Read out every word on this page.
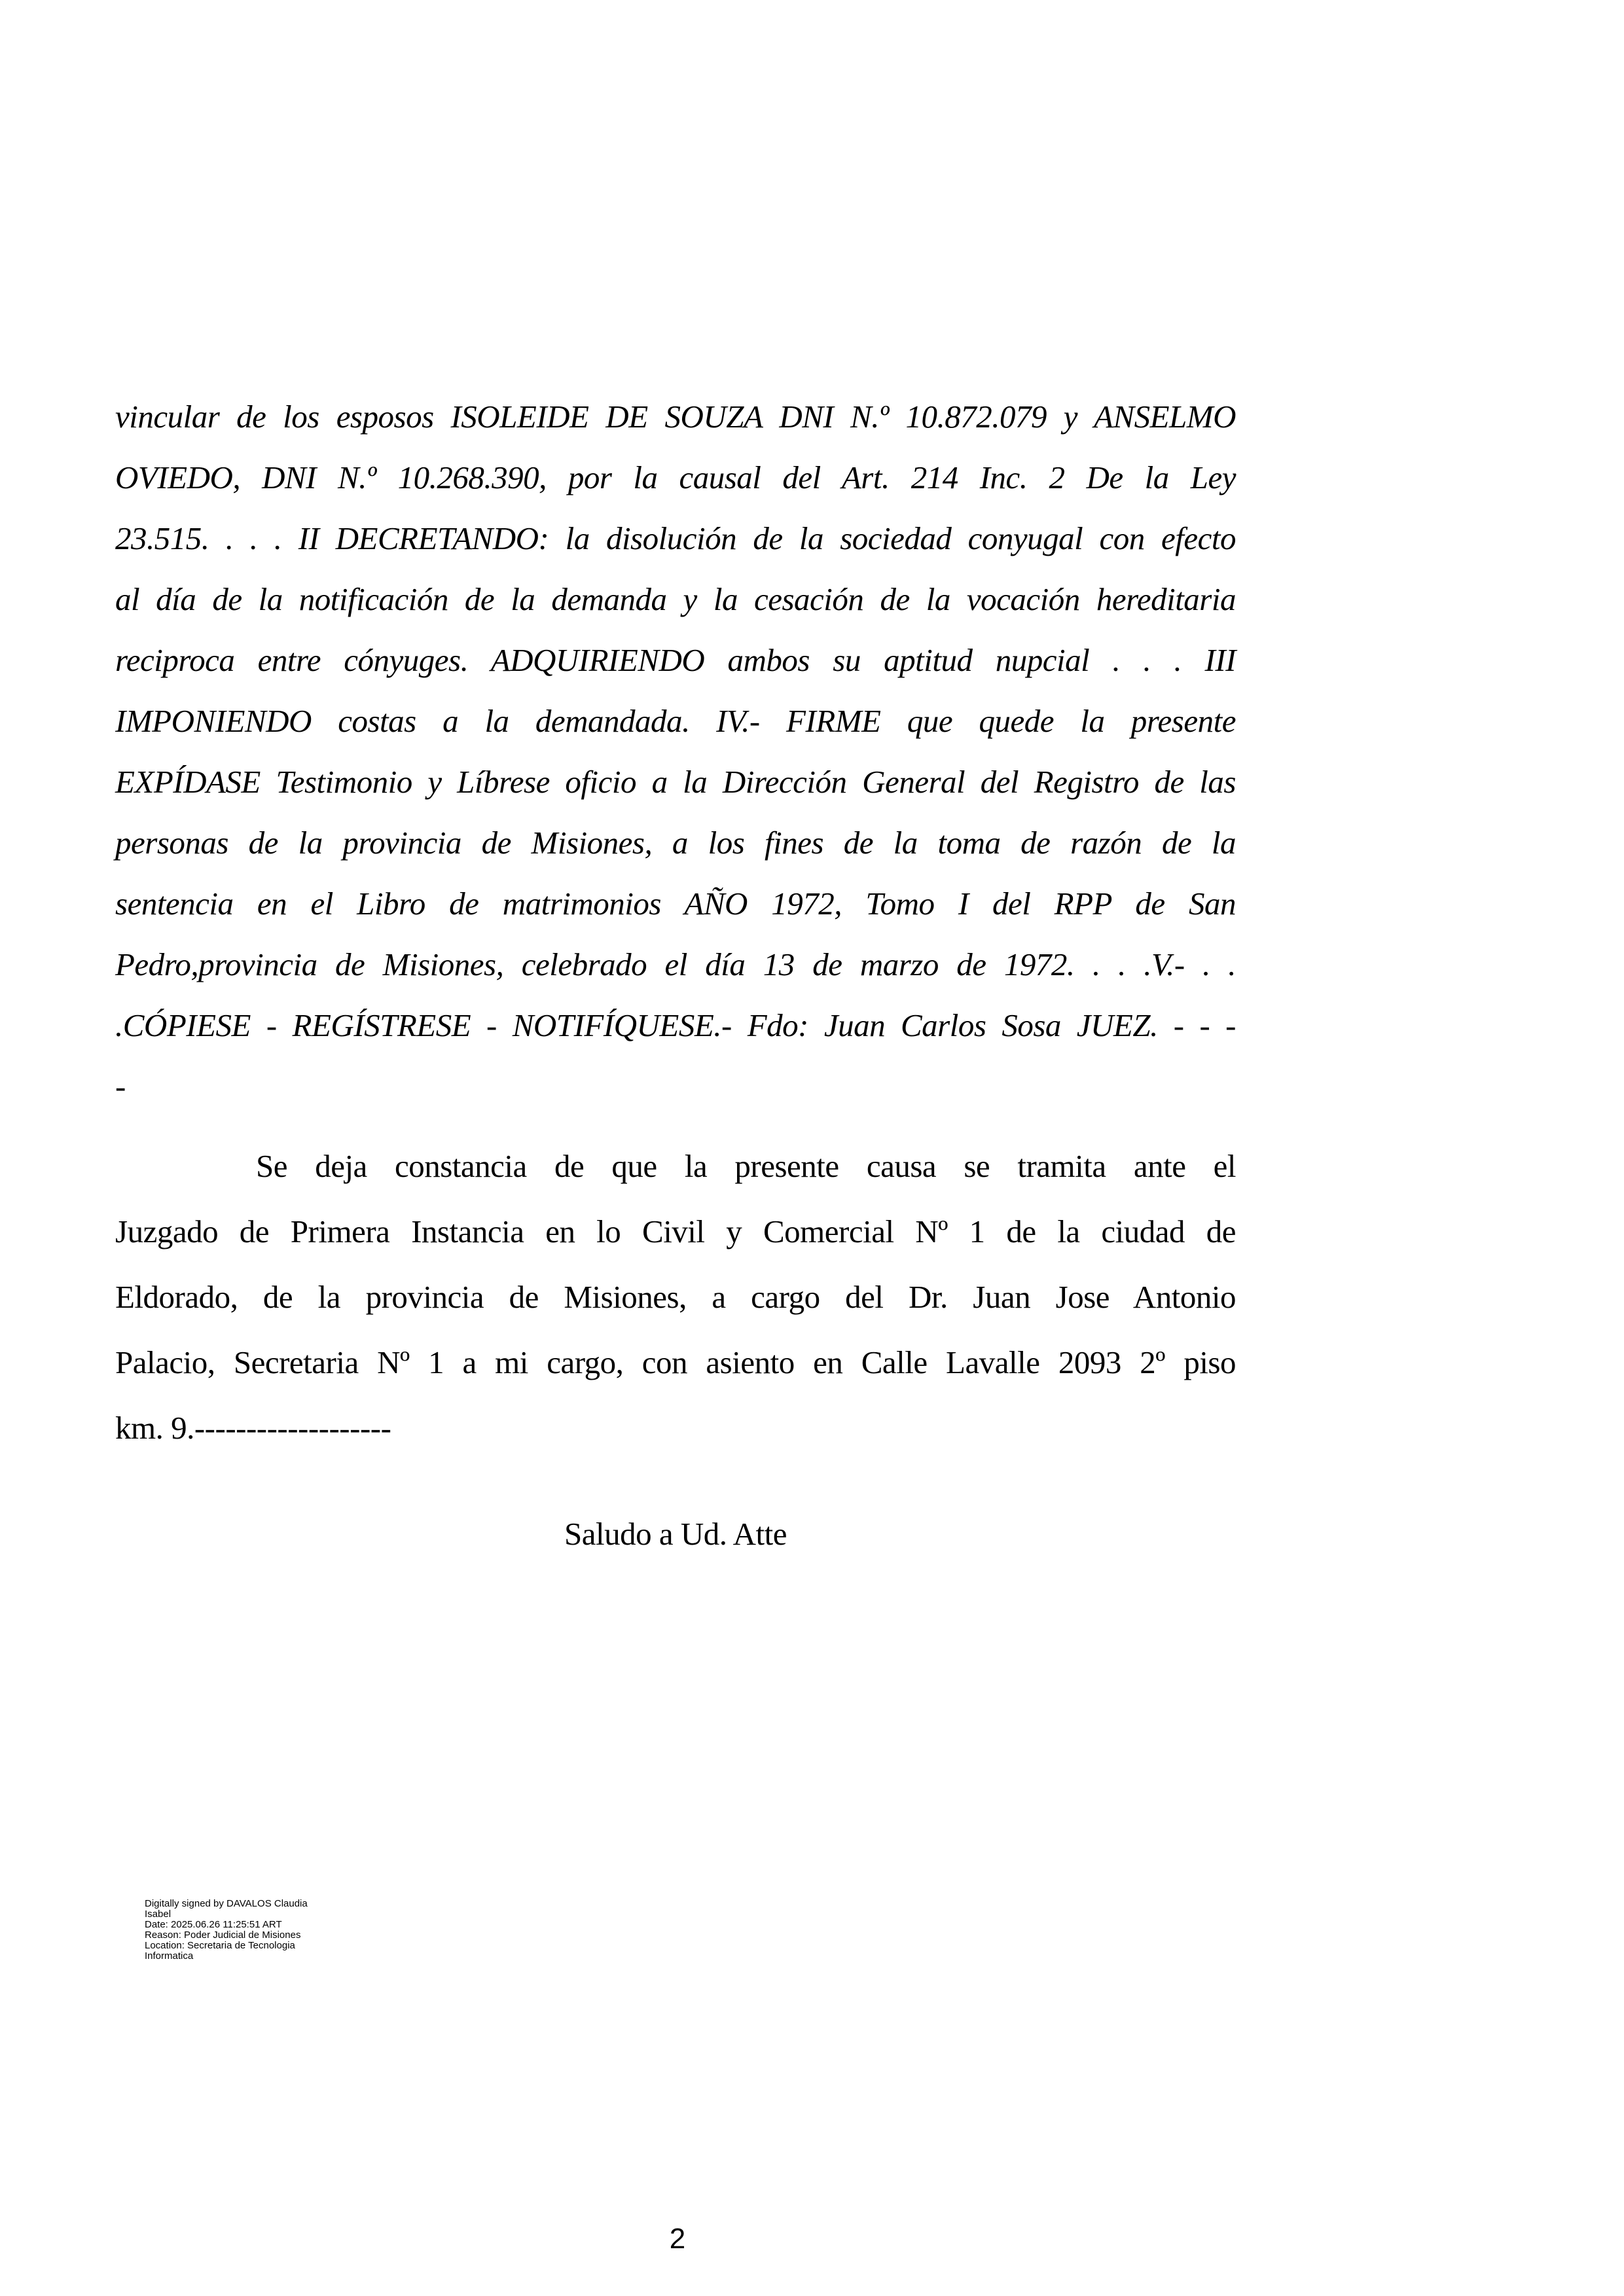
vincular de los esposos ISOLEIDE DE SOUZA DNI N.º 10.872.079 y ANSELMO
OVIEDO, DNI N.º 10.268.390, por la causal del Art. 214 Inc. 2 De la Ley
23.515. . . . II DECRETANDO: la disolución de la sociedad conyugal con efecto
al día de la notificación de la demanda y la cesación de la vocación hereditaria
reciproca entre cónyuges. ADQUIRIENDO ambos su aptitud nupcial . . . III
IMPONIENDO costas a la demandada. IV.- FIRME que quede la presente
EXPÍDASE Testimonio y Líbrese oficio a la Dirección General del Registro de las
personas de la provincia de Misiones, a los fines de la toma de razón de la
sentencia en el Libro de matrimonios AÑO 1972, Tomo I del RPP de San
Pedro,provincia de Misiones, celebrado el día 13 de marzo de 1972. . . .V.- . .
.CÓPIESE - REGÍSTRESE - NOTIFÍQUESE.- Fdo: Juan Carlos Sosa JUEZ. - - -
-
Se deja constancia de que la presente causa se tramita ante el
Juzgado de Primera Instancia en lo Civil y Comercial Nº 1 de la ciudad de
Eldorado, de la provincia de Misiones, a cargo del Dr. Juan Jose Antonio
Palacio, Secretaria Nº 1 a mi cargo, con asiento en Calle Lavalle 2093 2º piso
km. 9.-------------------
Saludo a Ud. Atte
Digitally signed by DAVALOS Claudia
Isabel
Date: 2025.06.26 11:25:51 ART
Reason: Poder Judicial de Misiones
Location: Secretaria de Tecnologia
Informatica
2
